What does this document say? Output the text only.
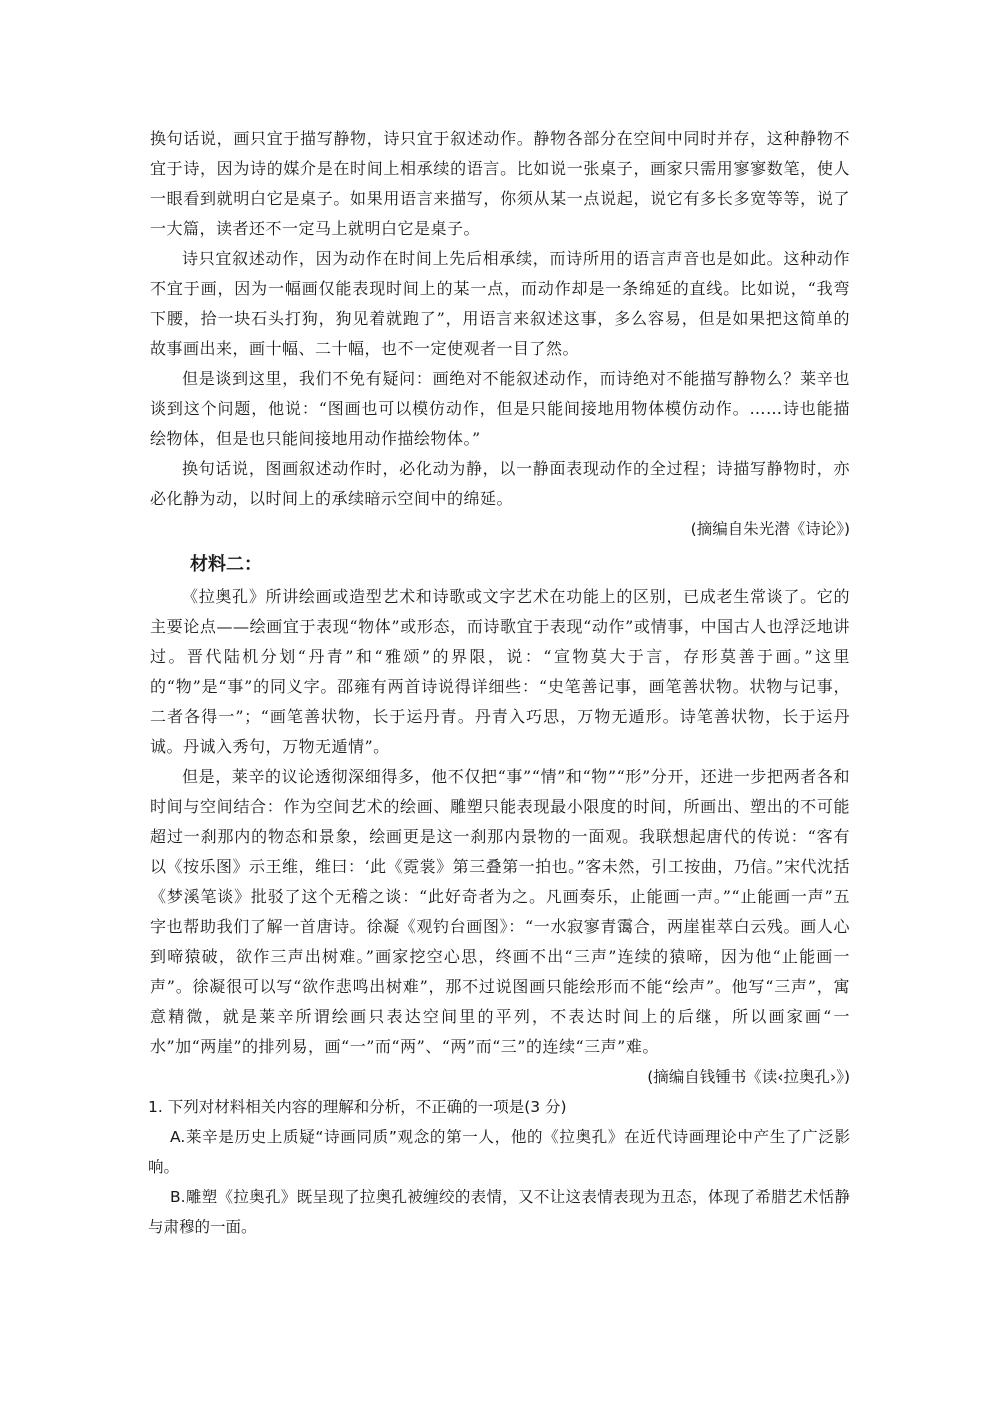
换句话说，画只宜于描写静物，诗只宜于叙述动作。静物各部分在空间中同时并存，这种静物不宜于诗，因为诗的媒介是在时间上相承续的语言。比如说一张桌子，画家只需用寥寥数笔，使人一眼看到就明白它是桌子。如果用语言来描写，你须从某一点说起，说它有多长多宽等等，说了一大篇，读者还不一定马上就明白它是桌子。

诗只宜叙述动作，因为动作在时间上先后相承续，而诗所用的语言声音也是如此。这种动作不宜于画，因为一幅画仅能表现时间上的某一点，而动作却是一条绵延的直线。比如说，“我弯下腰，拾一块石头打狗，狗见着就跑了”，用语言来叙述这事，多么容易，但是如果把这简单的故事画出来，画十幅、二十幅，也不一定使观者一目了然。

但是谈到这里，我们不免有疑问：画绝对不能叙述动作，而诗绝对不能描写静物么？莱辛也谈到这个问题，他说：“图画也可以模仿动作，但是只能间接地用物体模仿动作。……诗也能描绘物体，但是也只能间接地用动作描绘物体。”

换句话说，图画叙述动作时，必化动为静，以一静面表现动作的全过程；诗描写静物时，亦必化静为动，以时间上的承续暗示空间中的绵延。

(摘编自朱光潜《诗论》)

材料二：

《拉奥孔》所讲绘画或造型艺术和诗歌或文字艺术在功能上的区别，已成老生常谈了。它的主要论点——绘画宜于表现“物体”或形态，而诗歌宜于表现“动作”或情事，中国古人也浮泛地讲过。晋代陆机分划“丹青”和“雅颂”的界限，说：“宣物莫大于言，存形莫善于画。”这里的“物”是“事”的同义字。邵雍有两首诗说得详细些：“史笔善记事，画笔善状物。状物与记事，二者各得一”；“画笔善状物，长于运丹青。丹青入巧思，万物无遁形。诗笔善状物，长于运丹诚。丹诚入秀句，万物无遁情”。

但是，莱辛的议论透彻深细得多，他不仅把“事”“情”和“物”“形”分开，还进一步把两者各和时间与空间结合：作为空间艺术的绘画、雕塑只能表现最小限度的时间，所画出、塑出的不可能超过一刹那内的物态和景象，绘画更是这一刹那内景物的一面观。我联想起唐代的传说：“客有以《按乐图》示王维，维曰：‘此《霓裳》第三叠第一拍也。”客未然，引工按曲，乃信。”宋代沈括《梦溪笔谈》批驳了这个无稽之谈：“此好奇者为之。凡画奏乐，止能画一声。”“止能画一声”五字也帮助我们了解一首唐诗。徐凝《观钓台画图》：“一水寂寥青霭合，两崖崔萃白云残。画人心到啼猿破，欲作三声出树难。”画家挖空心思，终画不出“三声”连续的猿啼，因为他“止能画一声”。徐凝很可以写“欲作悲鸣出树难”，那不过说图画只能绘形而不能“绘声”。他写“三声”，寓意精微，就是莱辛所谓绘画只表达空间里的平列，不表达时间上的后继，所以画家画“一水”加“两崖”的排列易，画“一”而“两”、“两”而“三”的连续“三声”难。

(摘编自钱锺书《读‹拉奥孔›》)

1. 下列对材料相关内容的理解和分析，不正确的一项是(3 分)

A.莱辛是历史上质疑“诗画同质”观念的第一人，他的《拉奥孔》在近代诗画理论中产生了广泛影响。

B.雕塑《拉奥孔》既呈现了拉奥孔被缠绞的表情，又不让这表情表现为丑态，体现了希腊艺术恬静与肃穆的一面。
